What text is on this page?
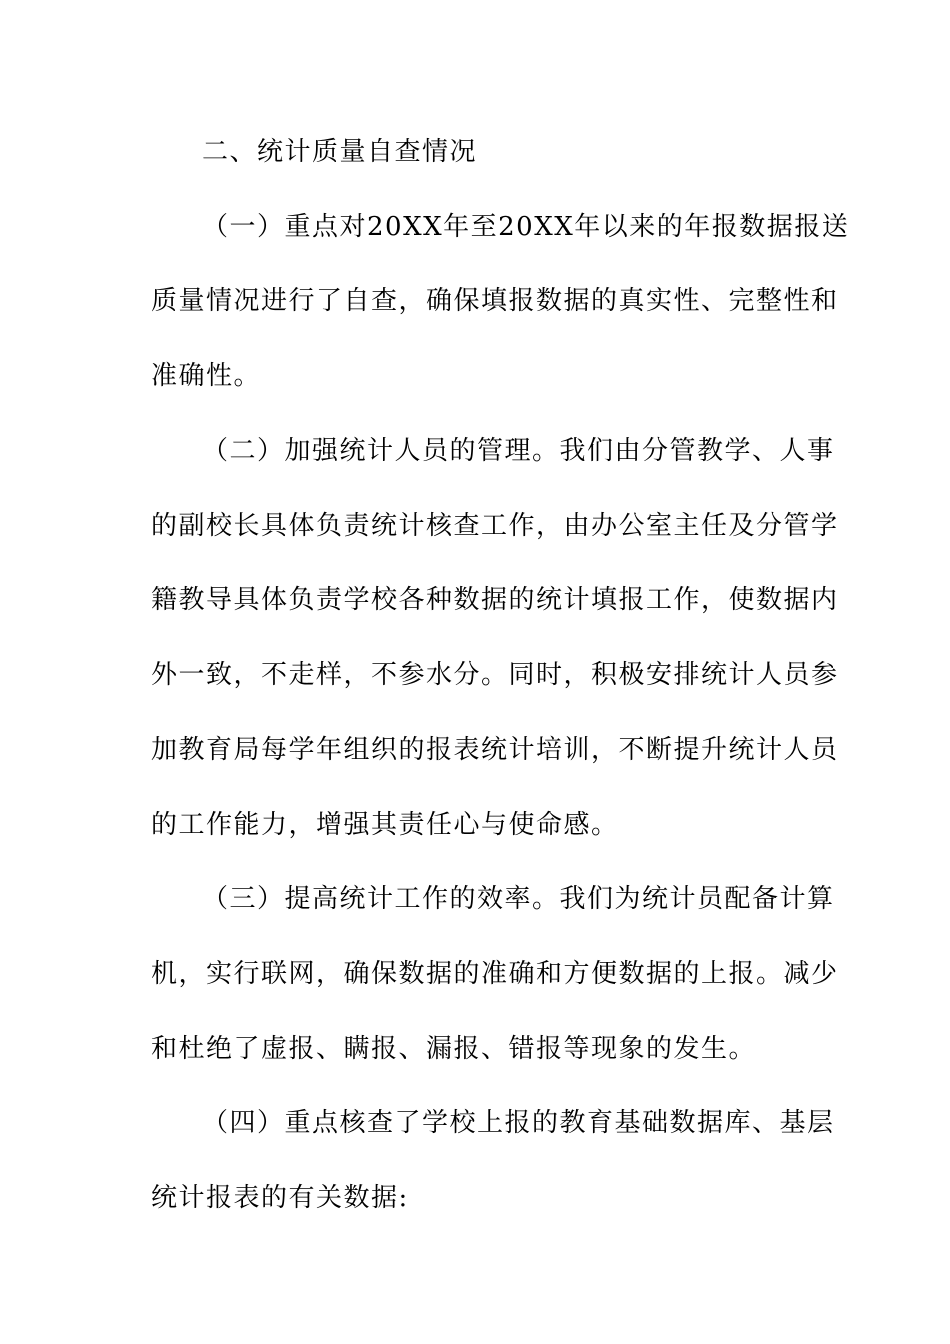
二、统计质量自查情况
（一）重点对20XX年至20XX年以来的年报数据报送
质量情况进行了自查，确保填报数据的真实性、完整性和
准确性。
（二）加强统计人员的管理。我们由分管教学、人事
的副校长具体负责统计核查工作，由办公室主任及分管学
籍教导具体负责学校各种数据的统计填报工作，使数据内
外一致，不走样，不参水分。同时，积极安排统计人员参
加教育局每学年组织的报表统计培训，不断提升统计人员
的工作能力，增强其责任心与使命感。
（三）提高统计工作的效率。我们为统计员配备计算
机，实行联网，确保数据的准确和方便数据的上报。减少
和杜绝了虚报、瞒报、漏报、错报等现象的发生。
（四）重点核查了学校上报的教育基础数据库、基层
统计报表的有关数据:
